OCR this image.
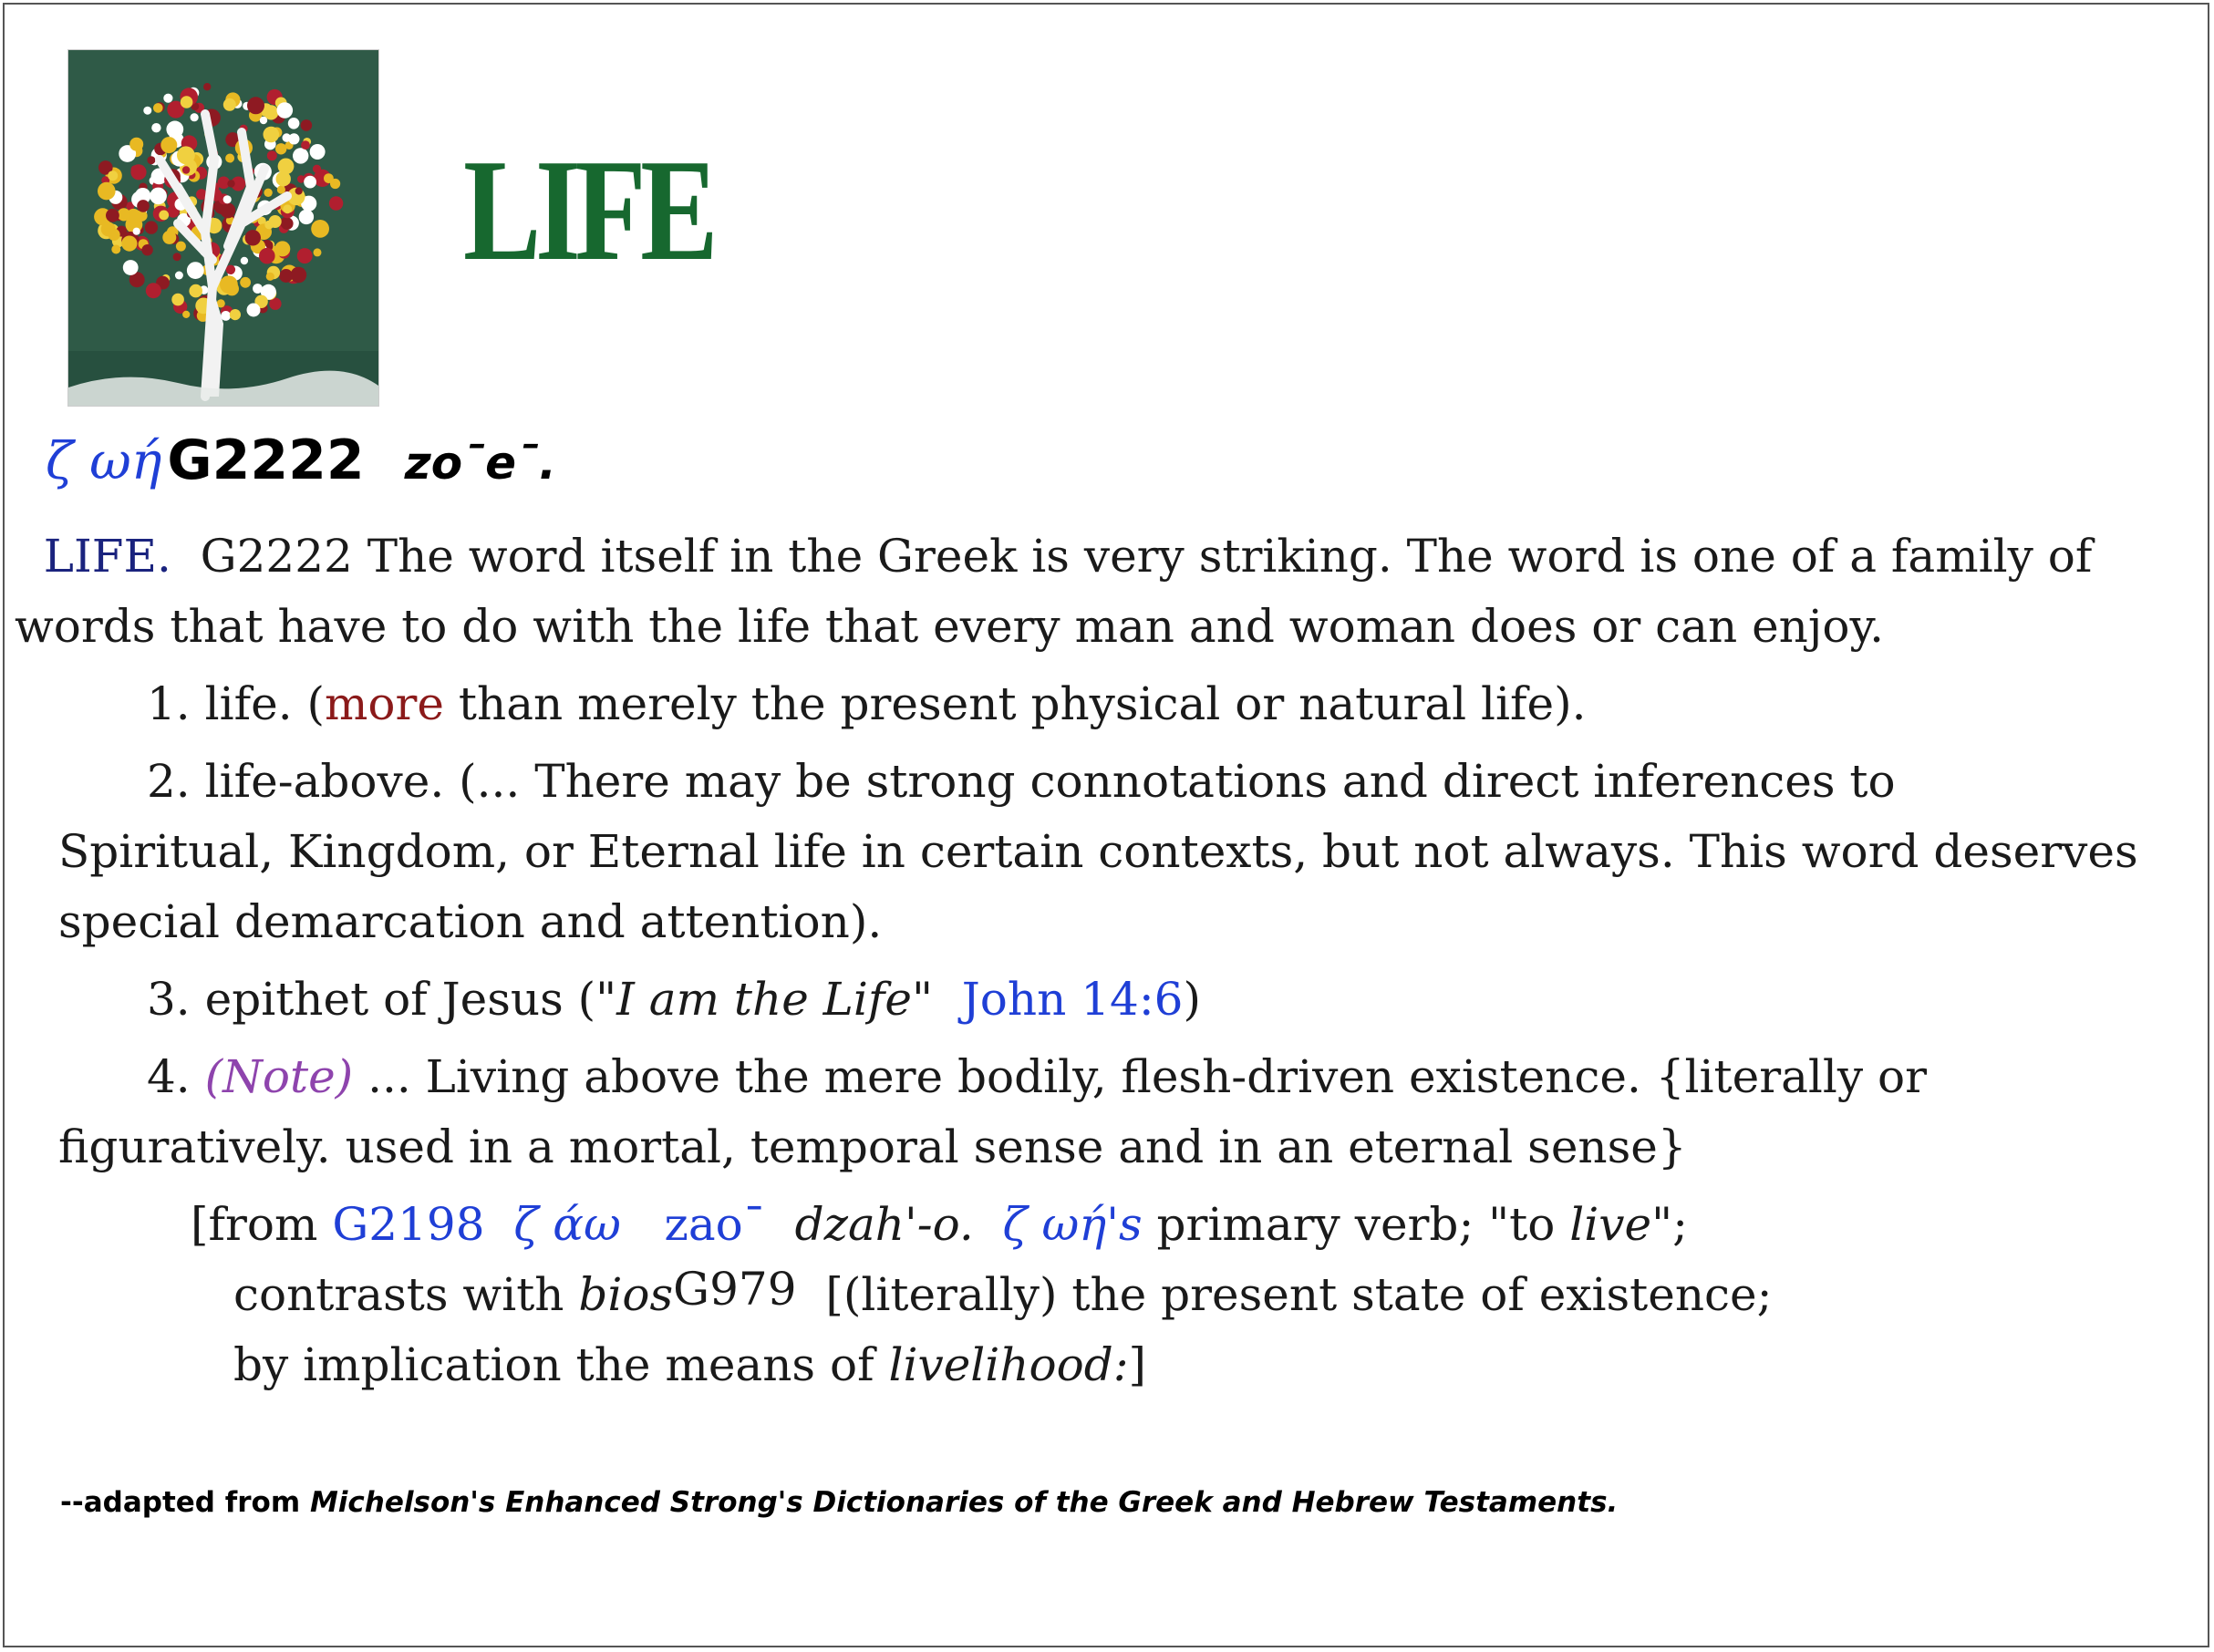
LIFE
ζ ωή G2222 zo¯e¯.

LIFE. G2222 The word itself in the Greek is very striking. The word is one of a family of words that have to do with the life that every man and woman does or can enjoy.

1. life. (more than merely the present physical or natural life).

2. life-above. (... There may be strong connotations and direct inferences to

Spiritual, Kingdom, or Eternal life in certain contexts, but not always. This word deserves special demarcation and attention).

3. epithet of Jesus ("I am the Life"  John 14:6)

4. (Note) ... Living above the mere bodily, flesh-driven existence. {literally or

figuratively. used in a mortal, temporal sense and in an eternal sense}

[from G2198 ζ άω zao¯ dzah'-o. ζ ωή's primary verb; "to live";

contrasts with biosG979  [(literally) the present state of existence;

by implication the means of livelihood:]

--adapted from Michelson's Enhanced Strong's Dictionaries of the Greek and Hebrew Testaments.
